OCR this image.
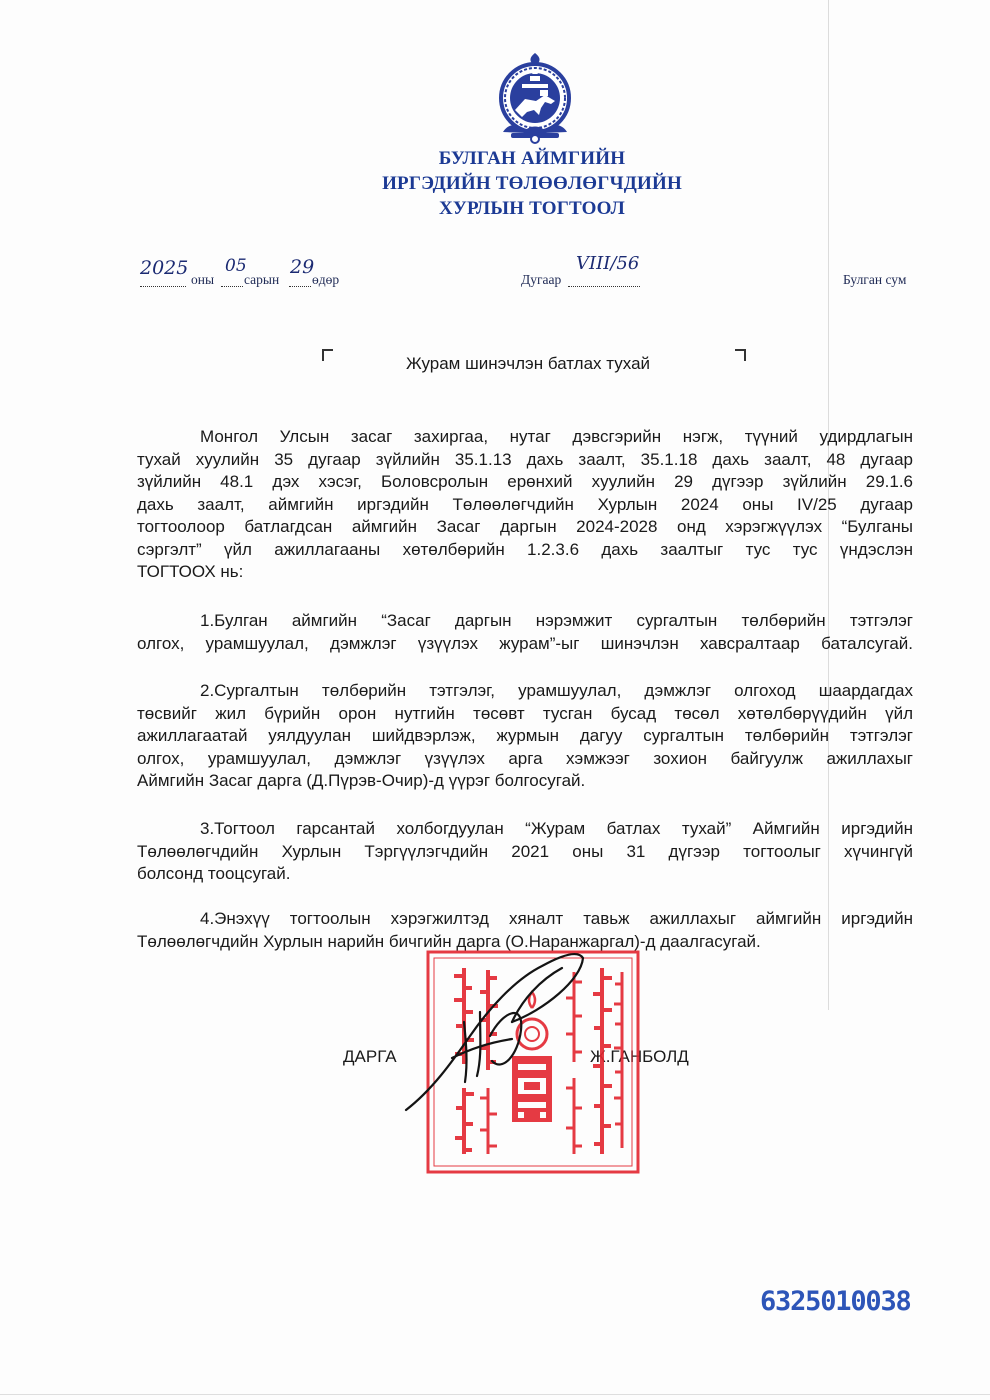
БУЛГАН АЙМГИЙН
ИРГЭДИЙН ТӨЛӨӨЛӨГЧДИЙН
ХУРЛЫН ТОГТООЛ
2025
оны
05
сарын
29
өдөр	Дугаар
VIII/56
Булган сум
Журам шинэчлэн батлах тухай
Монгол Улсын засаг захиргаа, нутаг дэвсгэрийн нэгж, түүний удирдлагын
тухай хуулийн 35 дугаар зүйлийн 35.1.13 дахь заалт, 35.1.18 дахь заалт, 48 дугаар
зүйлийн 48.1 дэх хэсэг, Боловсролын ерөнхий хуулийн 29 дүгээр зүйлийн 29.1.6
дахь заалт, аймгийн иргэдийн Төлөөлөгчдийн Хурлын 2024 оны IV/25 дугаар
тогтоолоор батлагдсан аймгийн Засаг даргын 2024-2028 онд хэрэгжүүлэх “Булганы
сэргэлт” үйл ажиллагааны хөтөлбөрийн 1.2.3.6 дахь заалтыг тус тус үндэслэн
ТОГТООХ нь:
1.Булган аймгийн “Засаг даргын нэрэмжит сургалтын төлбөрийн тэтгэлэг
олгох, урамшуулал, дэмжлэг үзүүлэх журам”-ыг шинэчлэн хавсралтаар баталсугай.
2.Сургалтын төлбөрийн тэтгэлэг, урамшуулал, дэмжлэг олгоход шаардагдах
төсвийг жил бүрийн орон нутгийн төсөвт тусган бусад төсөл хөтөлбөрүүдийн үйл
ажиллагаатай уялдуулан шийдвэрлэж, журмын дагуу сургалтын төлбөрийн тэтгэлэг
олгох, урамшуулал, дэмжлэг үзүүлэх арга хэмжээг зохион байгуулж ажиллахыг
Аймгийн Засаг дарга (Д.Пүрэв-Очир)-д үүрэг болгосугай.
3.Тогтоол гарсантай холбогдуулан “Журам батлах тухай” Аймгийн иргэдийн
Төлөөлөгчдийн Хурлын Тэргүүлэгчдийн 2021 оны 31 дүгээр тогтоолыг хүчингүй
болсонд тооцсугай.
4.Энэхүү тогтоолын хэрэгжилтэд хяналт тавьж ажиллахыг аймгийн иргэдийн
Төлөөлөгчдийн Хурлын нарийн бичгийн дарга (О.Наранжаргал)-д даалгасугай.
ДАРГА	Ж.ГАНБОЛД
6325010038
